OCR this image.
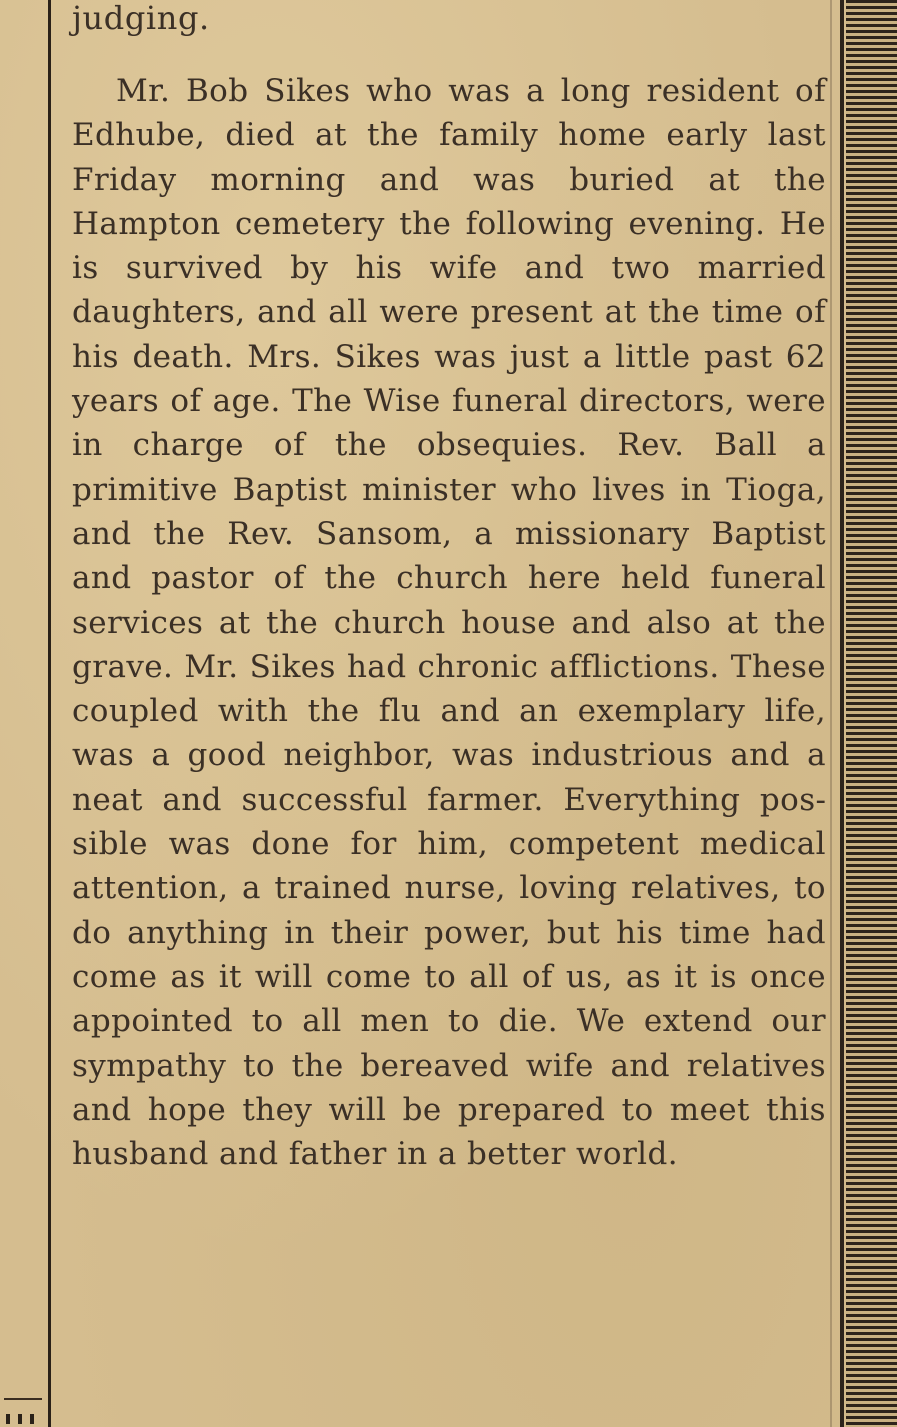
judging.

Mr. Bob Sikes who was a long resident of Edhube, died at the family home early last Friday morning and was buried at the Hampton cemetery the following evening. He is survived by his wife and two married daughters, and all were present at the time of his death. Mrs. Sikes was just a little past 62 years of age. The Wise funeral directors, were in charge of the obsequies. Rev. Ball a primitive Baptist minister who lives in Tioga, and the Rev. Sansom, a missionary Baptist and pastor of the church here held funeral services at the church house and also at the grave. Mr. Sikes had chronic afflictions. These coupled with the flu and an exemplary life, was a good neighbor, was industrious and a neat and successful farmer. Everything possible was done for him, competent medical attention, a trained nurse, loving relatives, to do anything in their power, but his time had come as it will come to all of us, as it is once appointed to all men to die. We extend our sympathy to the bereaved wife and relatives and hope they will be prepared to meet this husband and father in a better world.
